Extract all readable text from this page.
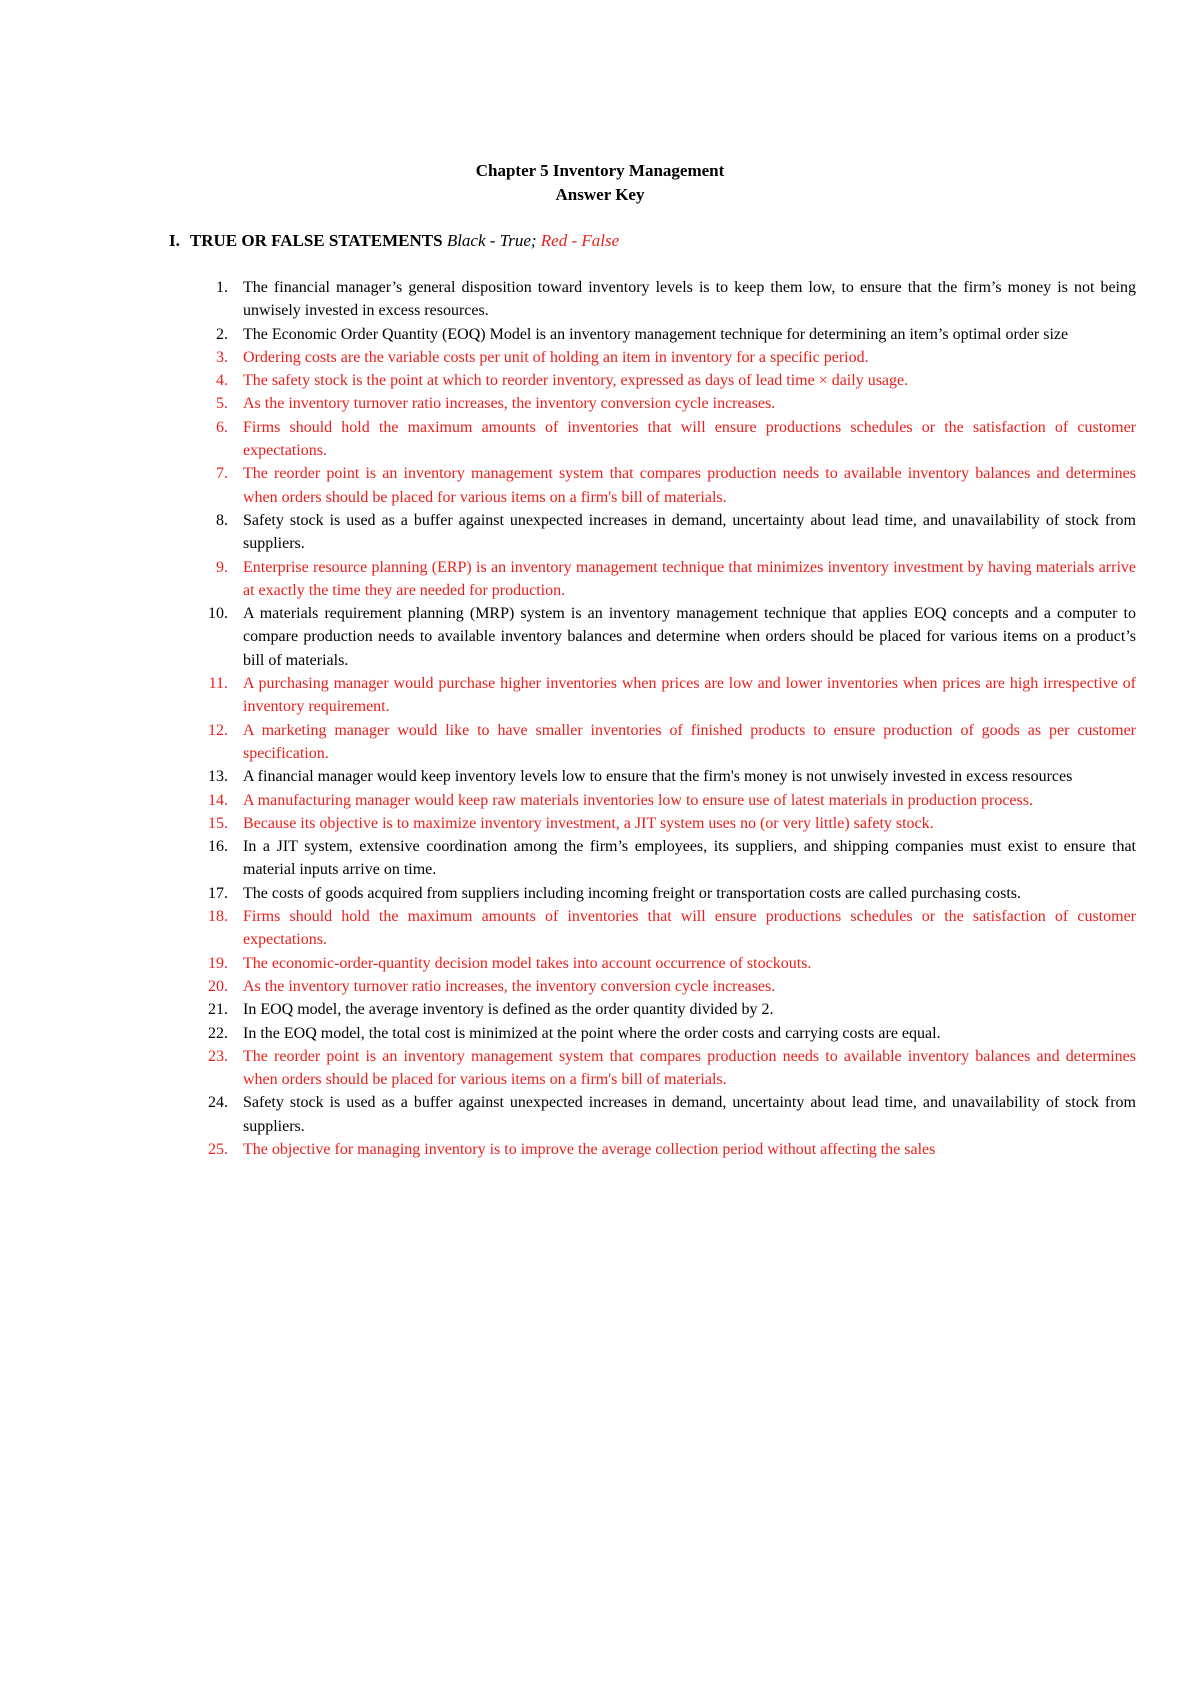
Chapter 5 Inventory Management
Answer Key
I. TRUE OR FALSE STATEMENTS Black - True; Red - False
1. The financial manager’s general disposition toward inventory levels is to keep them low, to ensure that the firm’s money is not being unwisely invested in excess resources.
2. The Economic Order Quantity (EOQ) Model is an inventory management technique for determining an item’s optimal order size
3. Ordering costs are the variable costs per unit of holding an item in inventory for a specific period.
4. The safety stock is the point at which to reorder inventory, expressed as days of lead time × daily usage.
5. As the inventory turnover ratio increases, the inventory conversion cycle increases.
6. Firms should hold the maximum amounts of inventories that will ensure productions schedules or the satisfaction of customer expectations.
7. The reorder point is an inventory management system that compares production needs to available inventory balances and determines when orders should be placed for various items on a firm's bill of materials.
8. Safety stock is used as a buffer against unexpected increases in demand, uncertainty about lead time, and unavailability of stock from suppliers.
9. Enterprise resource planning (ERP) is an inventory management technique that minimizes inventory investment by having materials arrive at exactly the time they are needed for production.
10. A materials requirement planning (MRP) system is an inventory management technique that applies EOQ concepts and a computer to compare production needs to available inventory balances and determine when orders should be placed for various items on a product’s bill of materials.
11. A purchasing manager would purchase higher inventories when prices are low and lower inventories when prices are high irrespective of inventory requirement.
12. A marketing manager would like to have smaller inventories of finished products to ensure production of goods as per customer specification.
13. A financial manager would keep inventory levels low to ensure that the firm's money is not unwisely invested in excess resources
14. A manufacturing manager would keep raw materials inventories low to ensure use of latest materials in production process.
15. Because its objective is to maximize inventory investment, a JIT system uses no (or very little) safety stock.
16. In a JIT system, extensive coordination among the firm’s employees, its suppliers, and shipping companies must exist to ensure that material inputs arrive on time.
17. The costs of goods acquired from suppliers including incoming freight or transportation costs are called purchasing costs.
18. Firms should hold the maximum amounts of inventories that will ensure productions schedules or the satisfaction of customer expectations.
19. The economic-order-quantity decision model takes into account occurrence of stockouts.
20. As the inventory turnover ratio increases, the inventory conversion cycle increases.
21. In EOQ model, the average inventory is defined as the order quantity divided by 2.
22. In the EOQ model, the total cost is minimized at the point where the order costs and carrying costs are equal.
23. The reorder point is an inventory management system that compares production needs to available inventory balances and determines when orders should be placed for various items on a firm's bill of materials.
24. Safety stock is used as a buffer against unexpected increases in demand, uncertainty about lead time, and unavailability of stock from suppliers.
25. The objective for managing inventory is to improve the average collection period without affecting the sales
